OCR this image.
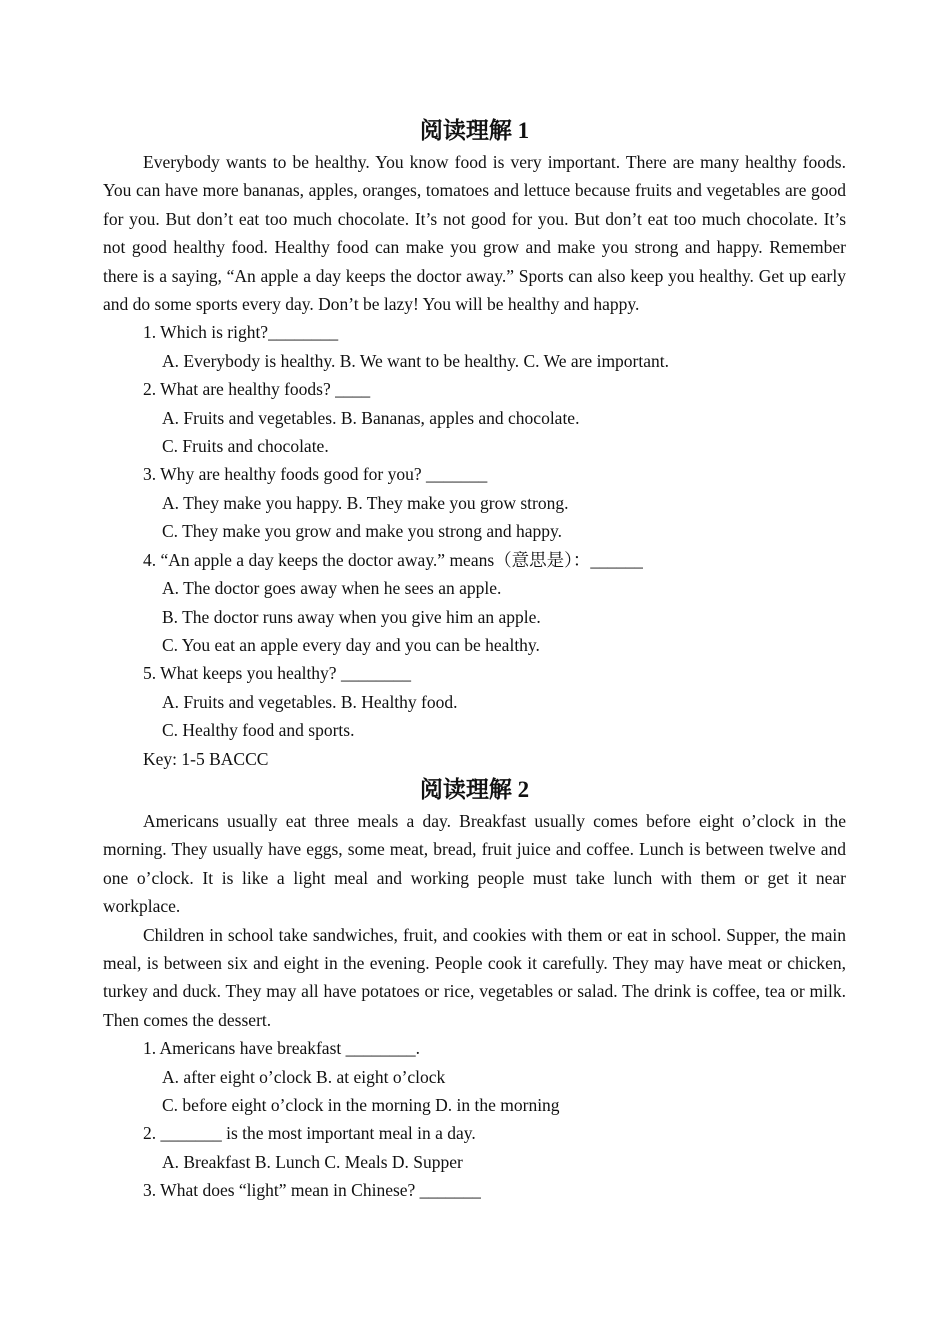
阅读理解 1

Everybody wants to be healthy. You know food is very important. There are many healthy foods. You can have more bananas, apples, oranges, tomatoes and lettuce because fruits and vegetables are good for you. But don’t eat too much chocolate. It’s not good for you. But don’t eat too much chocolate. It’s not good healthy food. Healthy food can make you grow and make you strong and happy. Remember there is a saying, “An apple a day keeps the doctor away.” Sports can also keep you healthy. Get up early and do some sports every day. Don’t be lazy! You will be healthy and happy.

1. Which is right?________

A. Everybody is healthy. B. We want to be healthy. C. We are important.

2. What are healthy foods? ____

A. Fruits and vegetables. B. Bananas, apples and chocolate.

C. Fruits and chocolate.

3. Why are healthy foods good for you? _______

A. They make you happy. B. They make you grow strong.

C. They make you grow and make you strong and happy.

4. “An apple a day keeps the doctor away.” means（意思是）：______

A. The doctor goes away when he sees an apple.

B. The doctor runs away when you give him an apple.

C. You eat an apple every day and you can be healthy.

5. What keeps you healthy? ________

A. Fruits and vegetables. B. Healthy food.

C. Healthy food and sports.

Key: 1-5 BACCC

阅读理解 2

Americans usually eat three meals a day. Breakfast usually comes before eight o’clock in the morning. They usually have eggs, some meat, bread, fruit juice and coffee. Lunch is between twelve and one o’clock. It is like a light meal and working people must take lunch with them or get it near workplace.

Children in school take sandwiches, fruit, and cookies with them or eat in school. Supper, the main meal, is between six and eight in the evening. People cook it carefully. They may have meat or chicken, turkey and duck. They may all have potatoes or rice, vegetables or salad. The drink is coffee, tea or milk. Then comes the dessert.

1. Americans have breakfast ________.

A. after eight o’clock B. at eight o’clock

C. before eight o’clock in the morning D. in the morning

2. _______ is the most important meal in a day.

A. Breakfast B. Lunch C. Meals D. Supper

3. What does “light” mean in Chinese? _______
